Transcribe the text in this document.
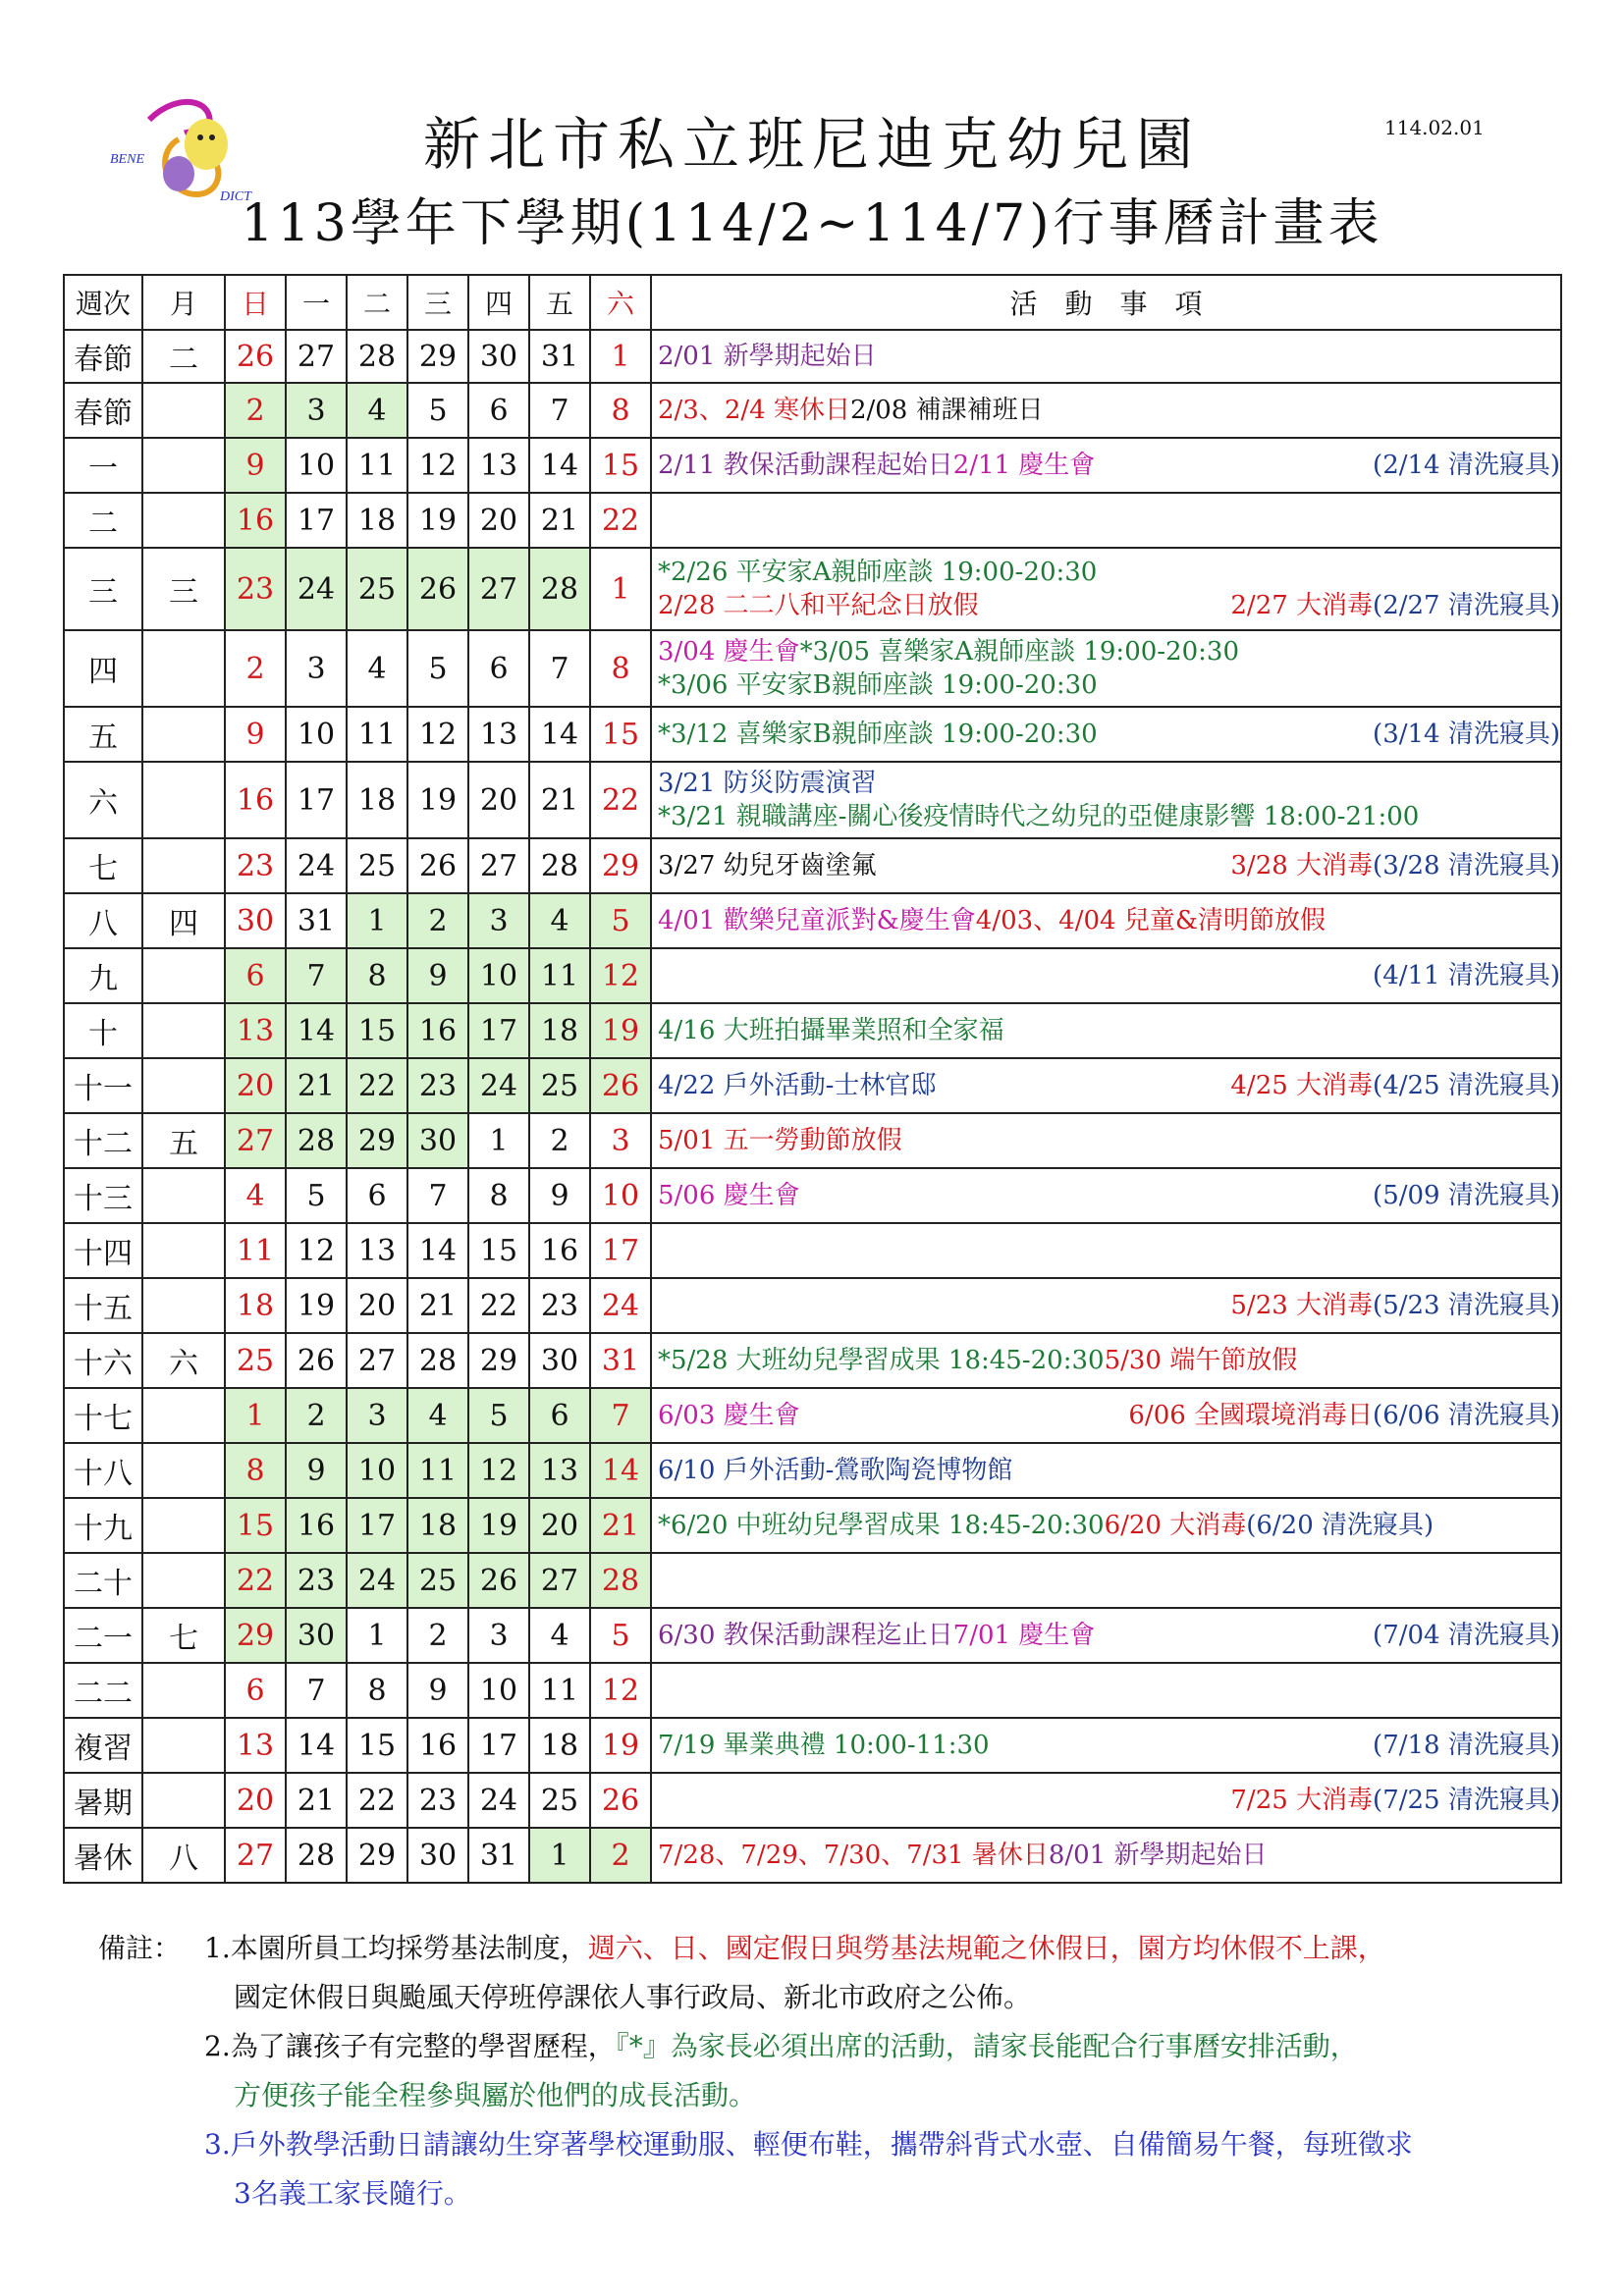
BENE
DICT
新北市私立班尼迪克幼兒園
113學年下學期(114/2~114/7)行事曆計畫表
114.02.01
週次	月	日	一	二	三	四	五	六	活　動　事　項
春節	二	26	27	28	29	30	31	1	2/01 新學期起始日

春節		2	3	4	5	6	7	8	2/3、2/4 寒休日 2/08 補課補班日

一		9	10	11	12	13	14	15	2/11 教保活動課程起始日 2/11 慶生會 (2/14 清洗寢具)

二		16	17	18	19	20	21	22	
三	三	23	24	25	26	27	28	1	*2/26 平安家A親師座談 19:00-20:30
2/28 二二八和平紀念日放假 2/27 大消毒 (2/27 清洗寢具)

四		2	3	4	5	6	7	8	3/04 慶生會 *3/05 喜樂家A親師座談 19:00-20:30
*3/06 平安家B親師座談 19:00-20:30

五		9	10	11	12	13	14	15	*3/12 喜樂家B親師座談 19:00-20:30 (3/14 清洗寢具)

六		16	17	18	19	20	21	22	3/21 防災防震演習
*3/21 親職講座-關心後疫情時代之幼兒的亞健康影響 18:00-21:00

七		23	24	25	26	27	28	29	3/27 幼兒牙齒塗氟 3/28 大消毒 (3/28 清洗寢具)

八	四	30	31	1	2	3	4	5	4/01 歡樂兒童派對&慶生會 4/03、4/04 兒童&清明節放假

九		6	7	8	9	10	11	12	(4/11 清洗寢具)

十		13	14	15	16	17	18	19	4/16 大班拍攝畢業照和全家福

十一		20	21	22	23	24	25	26	4/22 戶外活動-士林官邸 4/25 大消毒 (4/25 清洗寢具)

十二	五	27	28	29	30	1	2	3	5/01 五一勞動節放假

十三		4	5	6	7	8	9	10	5/06 慶生會 (5/09 清洗寢具)

十四		11	12	13	14	15	16	17	
十五		18	19	20	21	22	23	24	5/23 大消毒 (5/23 清洗寢具)

十六	六	25	26	27	28	29	30	31	*5/28 大班幼兒學習成果 18:45-20:30 5/30 端午節放假

十七		1	2	3	4	5	6	7	6/03 慶生會 6/06 全國環境消毒日 (6/06 清洗寢具)

十八		8	9	10	11	12	13	14	6/10 戶外活動-鶯歌陶瓷博物館

十九		15	16	17	18	19	20	21	*6/20 中班幼兒學習成果 18:45-20:30 6/20 大消毒 (6/20 清洗寢具)

二十		22	23	24	25	26	27	28	
二一	七	29	30	1	2	3	4	5	6/30 教保活動課程迄止日 7/01 慶生會 (7/04 清洗寢具)

二二		6	7	8	9	10	11	12	
複習		13	14	15	16	17	18	19	7/19 畢業典禮 10:00-11:30 (7/18 清洗寢具)

暑期		20	21	22	23	24	25	26	7/25 大消毒 (7/25 清洗寢具)

暑休	八	27	28	29	30	31	1	2	7/28、7/29、7/30、7/31 暑休日 8/01 新學期起始日
備註： 1.本園所員工均採勞基法制度，週六、日、國定假日與勞基法規範之休假日，園方均休假不上課，
國定休假日與颱風天停班停課依人事行政局、新北市政府之公佈。
2.為了讓孩子有完整的學習歷程，『*』為家長必須出席的活動，請家長能配合行事曆安排活動，
方便孩子能全程參與屬於他們的成長活動。
3.戶外教學活動日請讓幼生穿著學校運動服、輕便布鞋，攜帶斜背式水壺、自備簡易午餐，每班徵求
3名義工家長隨行。
